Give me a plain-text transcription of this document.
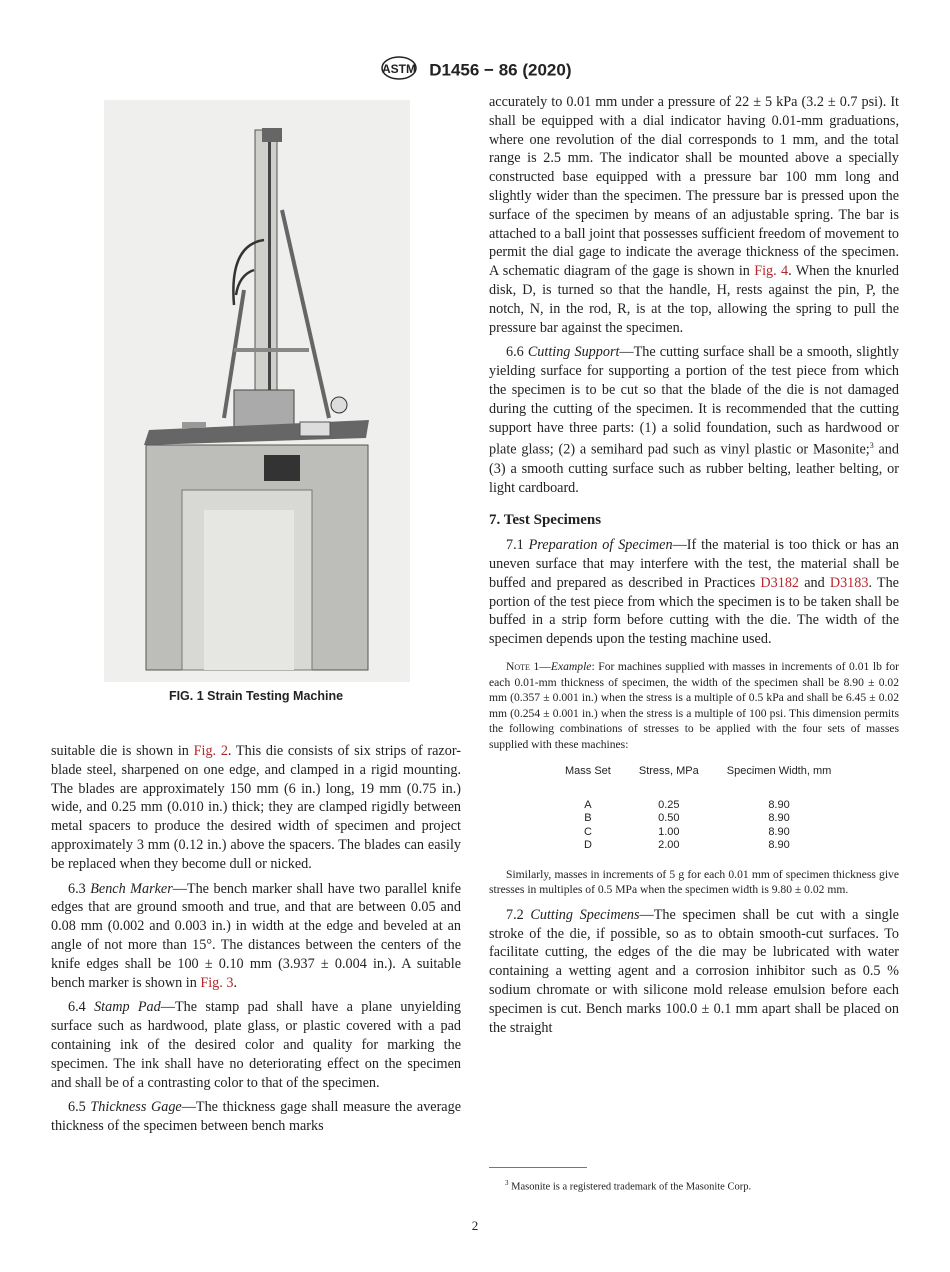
ASTM D1456 − 86 (2020)
FIG. 1 Strain Testing Machine

suitable die is shown in Fig. 2. This die consists of six strips of razor-blade steel, sharpened on one edge, and clamped in a rigid mounting. The blades are approximately 150 mm (6 in.) long, 19 mm (0.75 in.) wide, and 0.25 mm (0.010 in.) thick; they are clamped rigidly between metal spacers to produce the desired width of specimen and project approximately 3 mm (0.12 in.) above the spacers. The blades can easily be replaced when they become dull or nicked.

6.3 Bench Marker—The bench marker shall have two parallel knife edges that are ground smooth and true, and that are between 0.05 and 0.08 mm (0.002 and 0.003 in.) in width at the edge and beveled at an angle of not more than 15°. The distances between the centers of the knife edges shall be 100 ± 0.10 mm (3.937 ± 0.004 in.). A suitable bench marker is shown in Fig. 3.

6.4 Stamp Pad—The stamp pad shall have a plane unyielding surface such as hardwood, plate glass, or plastic covered with a pad containing ink of the desired color and quality for marking the specimen. The ink shall have no deteriorating effect on the specimen and shall be of a contrasting color to that of the specimen.

6.5 Thickness Gage—The thickness gage shall measure the average thickness of the specimen between bench marks

accurately to 0.01 mm under a pressure of 22 ± 5 kPa (3.2 ± 0.7 psi). It shall be equipped with a dial indicator having 0.01-mm graduations, where one revolution of the dial corresponds to 1 mm, and the total range is 2.5 mm. The indicator shall be mounted above a specially constructed base equipped with a pressure bar 100 mm long and slightly wider than the specimen. The pressure bar is pressed upon the surface of the specimen by means of an adjustable spring. The bar is attached to a ball joint that possesses sufficient freedom of movement to permit the dial gage to indicate the average thickness of the specimen. A schematic diagram of the gage is shown in Fig. 4. When the knurled disk, D, is turned so that the handle, H, rests against the pin, P, the notch, N, in the rod, R, is at the top, allowing the spring to pull the pressure bar against the specimen.

6.6 Cutting Support—The cutting surface shall be a smooth, slightly yielding surface for supporting a portion of the test piece from which the specimen is to be cut so that the blade of the die is not damaged during the cutting of the specimen. It is recommended that the cutting support have three parts: (1) a solid foundation, such as hardwood or plate glass; (2) a semihard pad such as vinyl plastic or Masonite;$^3$ and (3) a smooth cutting surface such as rubber belting, leather belting, or light cardboard.

7. Test Specimens

7.1 Preparation of Specimen—If the material is too thick or has an uneven surface that may interfere with the test, the material shall be buffed and prepared as described in Practices D3182 and D3183. The portion of the test piece from which the specimen is to be taken shall be buffed in a strip form before cutting with the die. The width of the specimen depends upon the testing machine used.

Note 1—Example: For machines supplied with masses in increments of 0.01 lb for each 0.01-mm thickness of specimen, the width of the specimen shall be 8.90 ± 0.02 mm (0.357 ± 0.001 in.) when the stress is a multiple of 0.5 kPa and shall be 6.45 ± 0.02 mm (0.254 ± 0.001 in.) when the stress is a multiple of 100 psi. This dimension permits the following combinations of stresses to be applied with the four sets of masses supplied with these machines:
Mass Set	Stress, MPa	Specimen Width, mm
A	0.25	8.90
B	0.50	8.90
C	1.00	8.90
D	2.00	8.90
Similarly, masses in increments of 5 g for each 0.01 mm of specimen thickness give stresses in multiples of 0.5 MPa when the specimen width is 9.80 ± 0.02 mm.

7.2 Cutting Specimens—The specimen shall be cut with a single stroke of the die, if possible, so as to obtain smooth-cut surfaces. To facilitate cutting, the edges of the die may be lubricated with water containing a wetting agent and a corrosion inhibitor such as 0.5 % sodium chromate or with silicone mold release emulsion before each specimen is cut. Bench marks 100.0 ± 0.1 mm apart shall be placed on the straight

$^3$ Masonite is a registered trademark of the Masonite Corp.
2
